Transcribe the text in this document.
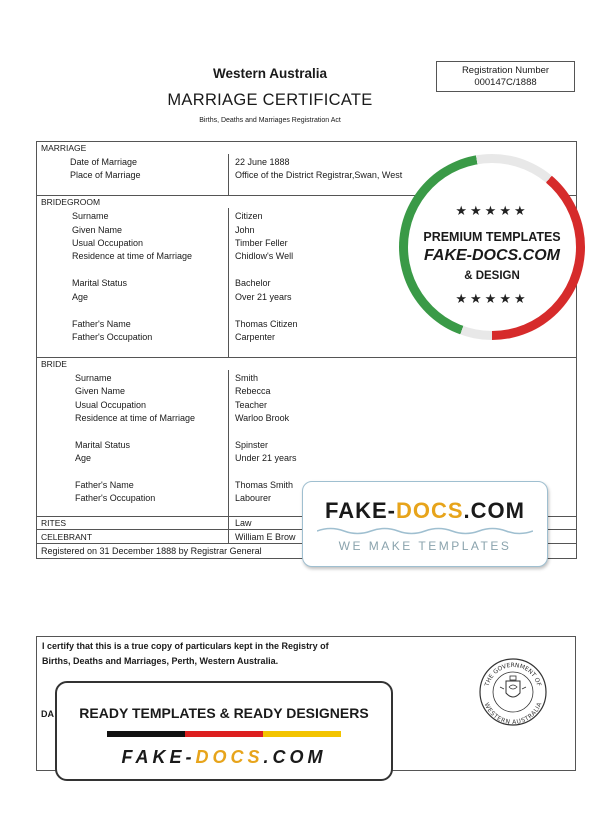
Western Australia
MARRIAGE CERTIFICATE
Births, Deaths and Marriages Registration Act
Registration Number
000147C/1888
MARRIAGE
Date of Marriage	22 June 1888
Place of Marriage	Office of the District Registrar,Swan, West
BRIDEGROOM
Surname	Citizen
Given Name	John
Usual Occupation	Timber Feller
Residence at time of Marriage	Chidlow's Well
Marital Status	Bachelor
Age	Over 21 years
Father's Name	Thomas Citizen
Father's Occupation	Carpenter
BRIDE
Surname	Smith
Given Name	Rebecca
Usual Occupation	Teacher
Residence at time of Marriage	Warloo Brook
Marital Status	Spinster
Age	Under 21 years
Father's Name	Thomas Smith
Father's Occupation	Labourer
RITES	Law
CELEBRANT	William E Brow
Registered on 31 December 1888 by Registrar General
★★★★★
PREMIUM TEMPLATES
FAKE-DOCS.COM
& DESIGN
★★★★★
FAKE-DOCS.COM
WE MAKE TEMPLATES
I certify that this is a true copy of particulars kept in the Registry of
Births, Deaths and Marriages, Perth, Western Australia.
DA
THE GOVERNMENT OF
WESTERN AUSTRALIA
READY TEMPLATES & READY DESIGNERS
FAKE-DOCS.COM
